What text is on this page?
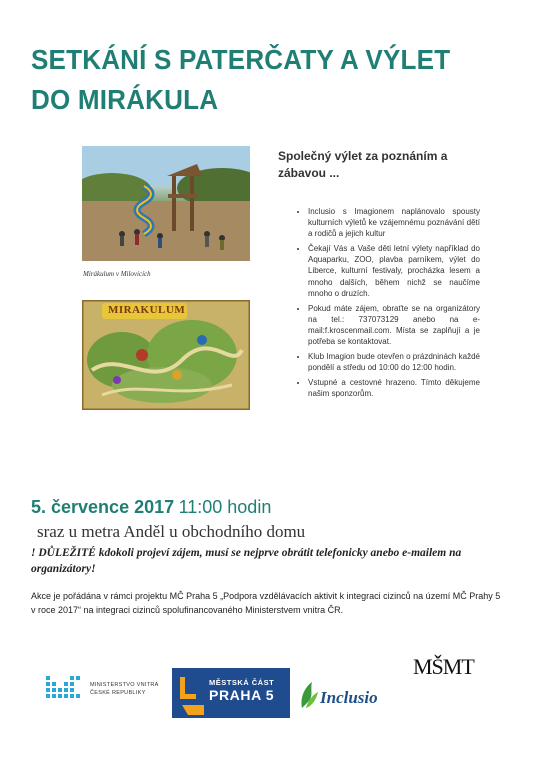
SETKÁNÍ S PATERČATY A VÝLET DO MIRÁKULA
Mirákulum v Milovicích
MIRAKULUM
Společný výlet za poznáním a zábavou ...
• Inclusio s Imagionem naplánovalo spousty kulturních výletů ke vzájemnému poznávání dětí a rodičů a jejich kultur
• Čekají Vás a Vaše děti letní výlety například do Aquaparku, ZOO, plavba parníkem, výlet do Liberce, kulturní festivaly, procházka lesem a mnoho dalších, během nichž se naučíme mnoho o druzích.
• Pokud máte zájem, obraťte se na organizátory na tel.: 737073129 anebo na e-mail:f.kroscenmail.com. Místa se zaplňují a je potřeba se kontaktovat.
• Klub Imagion bude otevřen o prázdninách každé pondělí a středu od 10:00 do 12:00 hodin.
• Vstupné a cestovné hrazeno. Tímto děkujeme našim sponzorům.
5. července 2017 11:00 hodin
sraz u metra Anděl u obchodního domu
! DŮLEŽITÉ kdokoli projeví zájem, musí se nejprve obrátit telefonicky anebo e-mailem na organizátory!
Akce je pořádána v rámci projektu MČ Praha 5 „Podpora vzdělávacích aktivit k integraci cizinců na území MČ Prahy 5 v roce 2017“ na integraci cizinců spolufinancovaného Ministerstvem vnitra ČR.
MINISTERSTVO VNITRA
ČESKÉ REPUBLIKY
MĚSTSKÁ ČÁST
PRAHA 5	Inclusio
MŠMT
